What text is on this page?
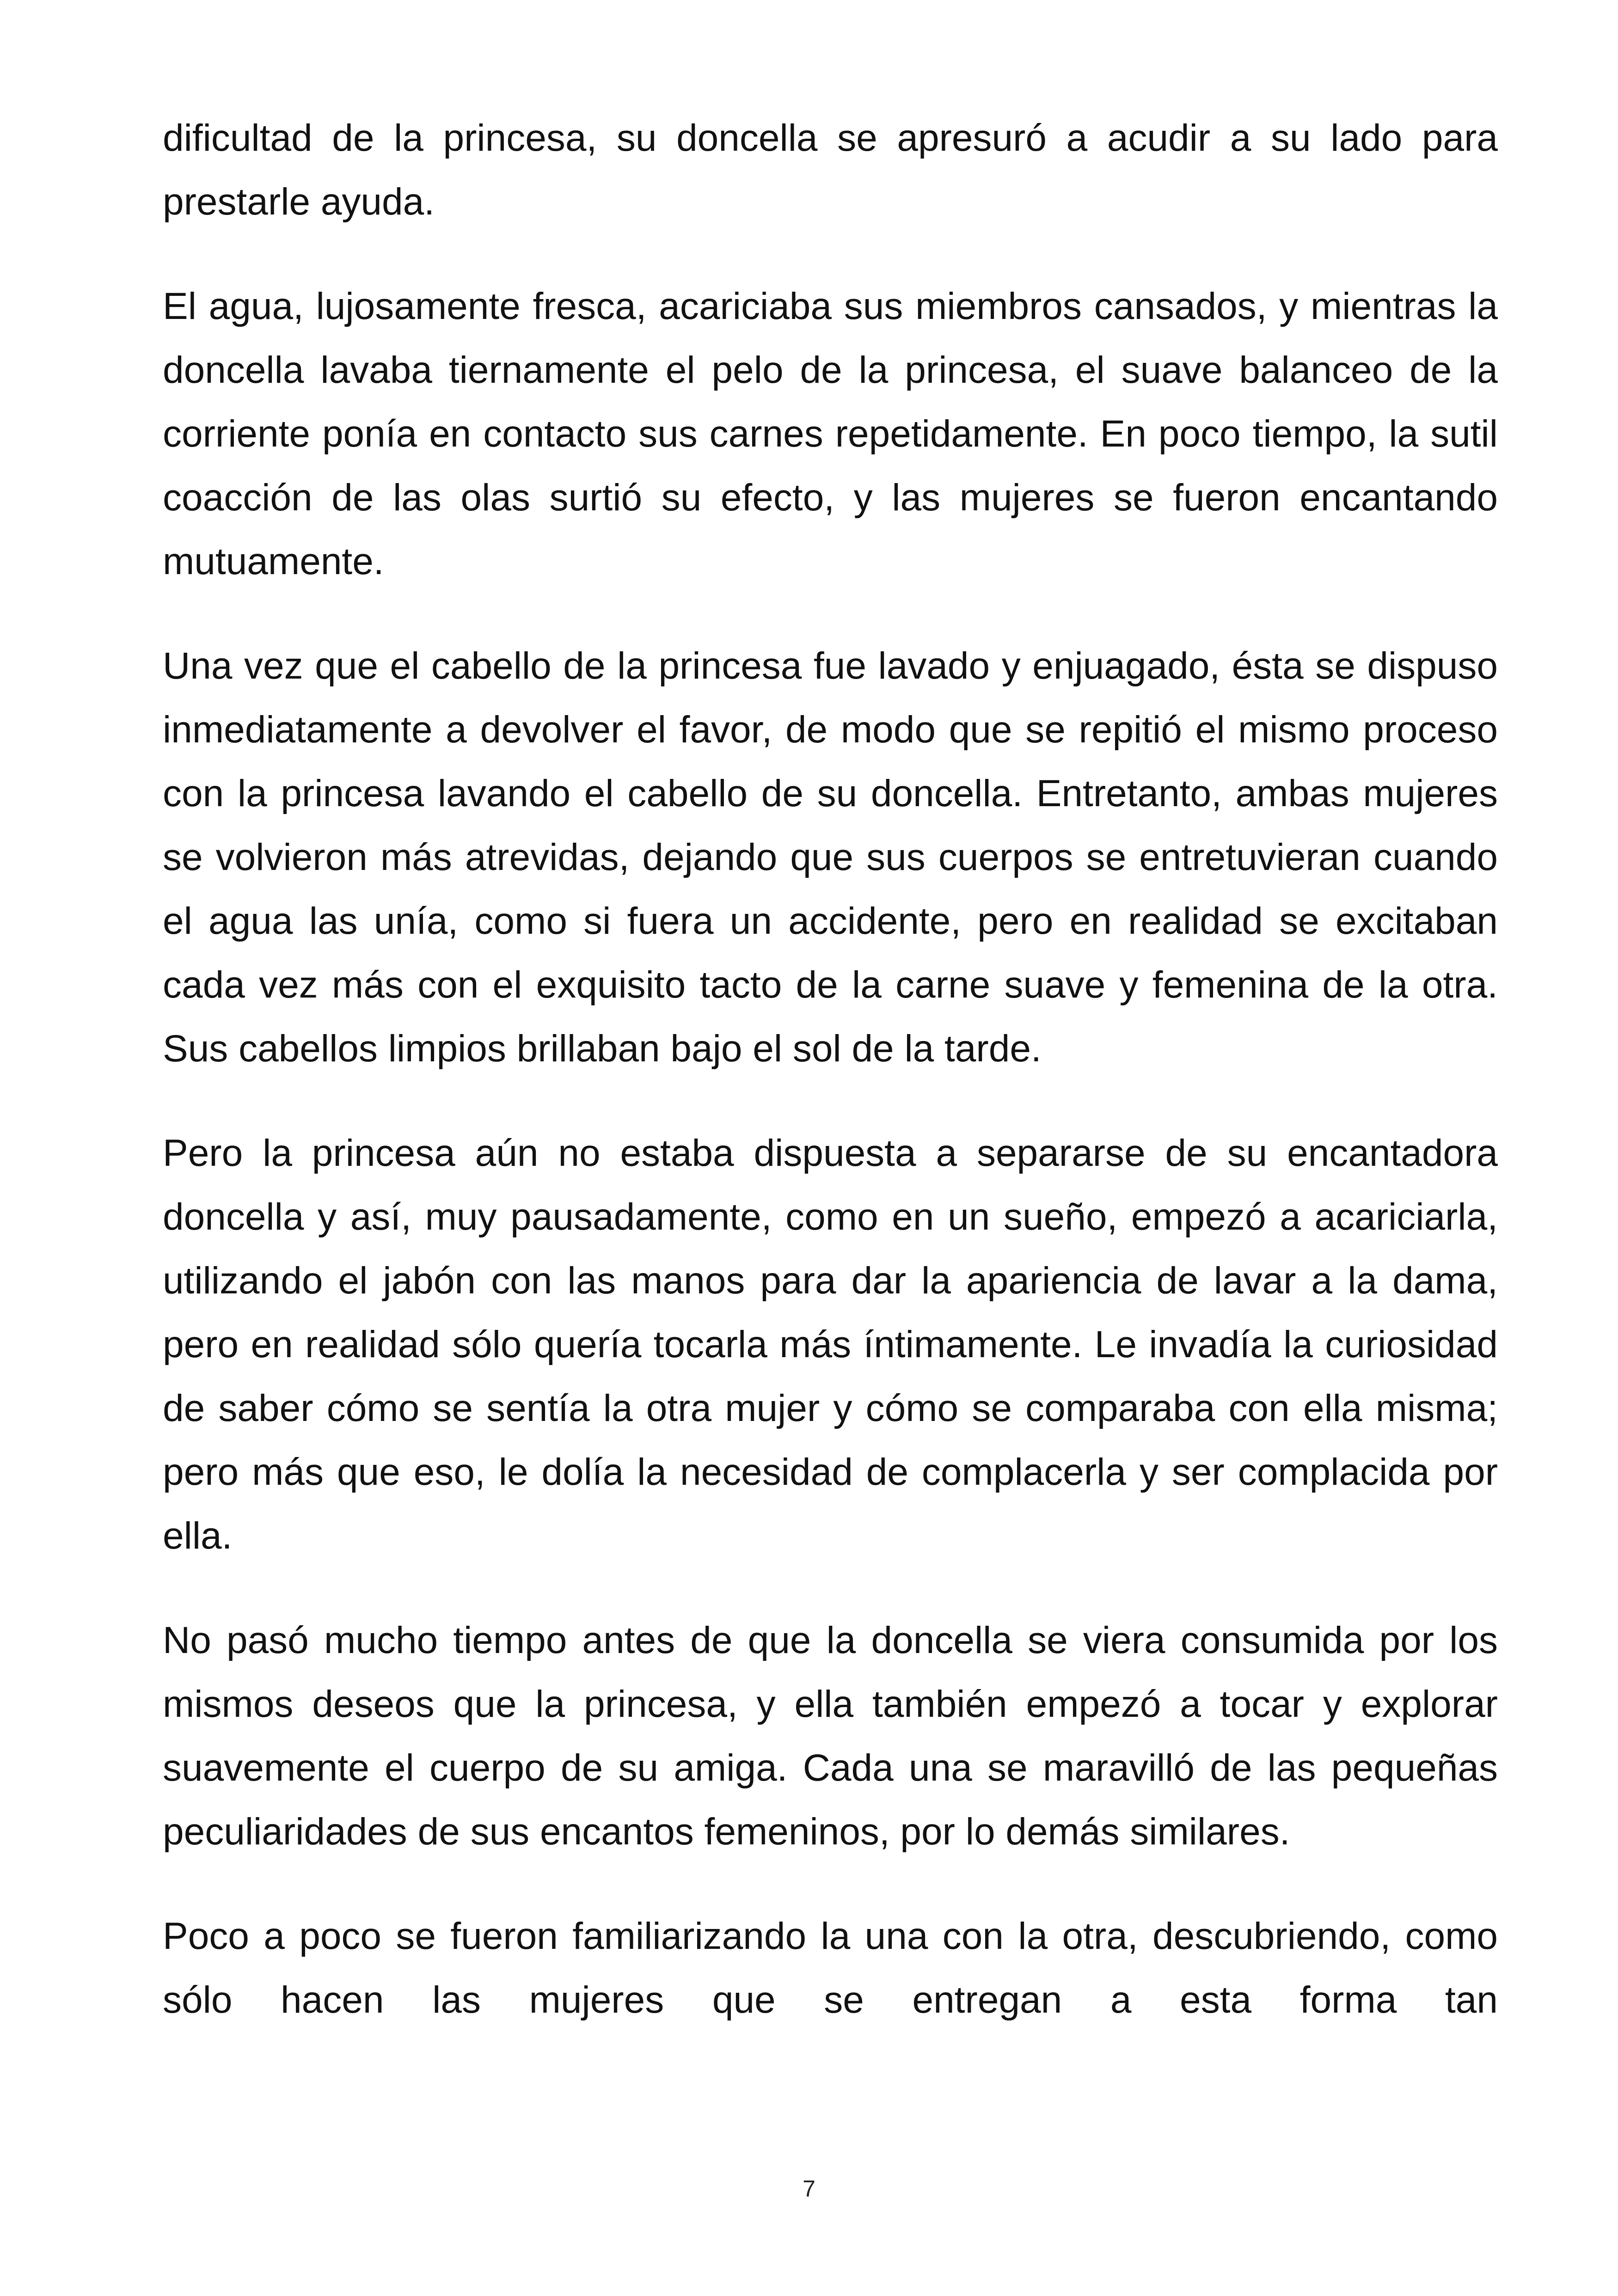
dificultad de la princesa, su doncella se apresuró a acudir a su lado para prestarle ayuda.

El agua, lujosamente fresca, acariciaba sus miembros cansados, y mientras la doncella lavaba tiernamente el pelo de la princesa, el suave balanceo de la corriente ponía en contacto sus carnes repetidamente. En poco tiempo, la sutil coacción de las olas surtió su efecto, y las mujeres se fueron encantando mutuamente.

Una vez que el cabello de la princesa fue lavado y enjuagado, ésta se dispuso inmediatamente a devolver el favor, de modo que se repitió el mismo proceso con la princesa lavando el cabello de su doncella. Entretanto, ambas mujeres se volvieron más atrevidas, dejando que sus cuerpos se entretuvieran cuando el agua las unía, como si fuera un accidente, pero en realidad se excitaban cada vez más con el exquisito tacto de la carne suave y femenina de la otra. Sus cabellos limpios brillaban bajo el sol de la tarde.

Pero la princesa aún no estaba dispuesta a separarse de su encantadora doncella y así, muy pausadamente, como en un sueño, empezó a acariciarla, utilizando el jabón con las manos para dar la apariencia de lavar a la dama, pero en realidad sólo quería tocarla más íntimamente. Le invadía la curiosidad de saber cómo se sentía la otra mujer y cómo se comparaba con ella misma; pero más que eso, le dolía la necesidad de complacerla y ser complacida por ella.

No pasó mucho tiempo antes de que la doncella se viera consumida por los mismos deseos que la princesa, y ella también empezó a tocar y explorar suavemente el cuerpo de su amiga. Cada una se maravilló de las pequeñas peculiaridades de sus encantos femeninos, por lo demás similares.

Poco a poco se fueron familiarizando la una con la otra, descubriendo, como sólo hacen las mujeres que se entregan a esta forma tan

7
